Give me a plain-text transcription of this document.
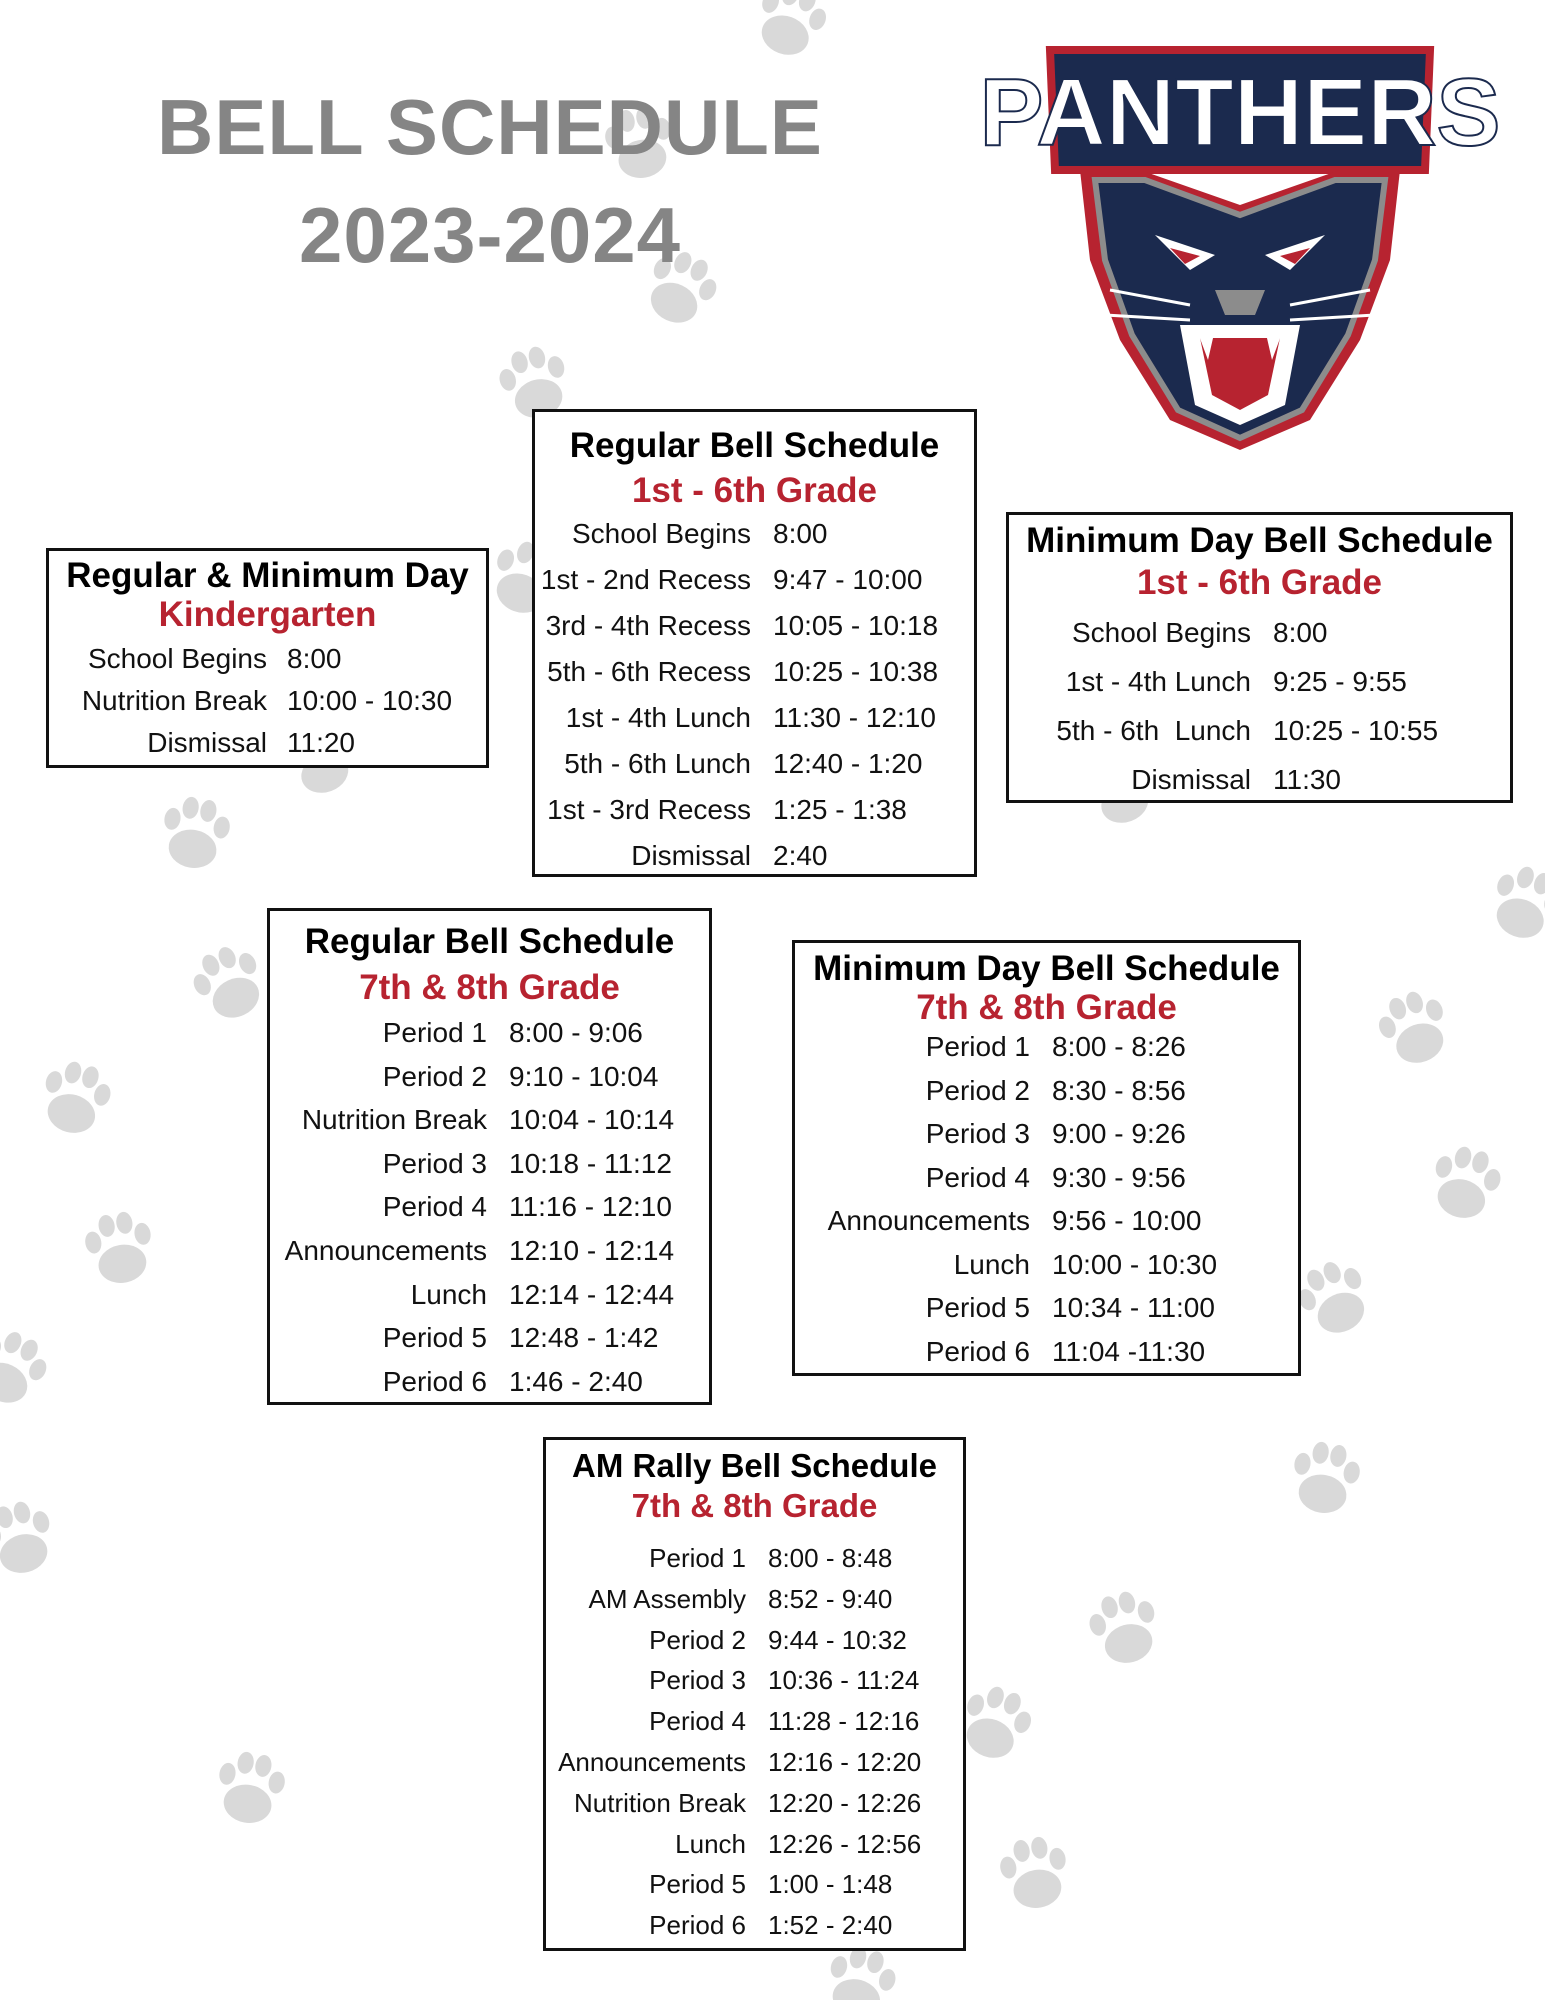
BELL SCHEDULE
2023-2024
PANTHERS
Regular & Minimum Day
Kindergarten
School Begins 8:00
Nutrition Break 10:00 - 10:30
Dismissal 11:20
Regular Bell Schedule
1st - 6th Grade
School Begins 8:00
1st - 2nd Recess 9:47 - 10:00
3rd - 4th Recess 10:05 - 10:18
5th - 6th Recess 10:25 - 10:38
1st - 4th Lunch 11:30 - 12:10
5th - 6th Lunch 12:40 - 1:20
1st - 3rd Recess 1:25 - 1:38
Dismissal 2:40
Minimum Day Bell Schedule
1st - 6th Grade
School Begins 8:00
1st - 4th Lunch 9:25 - 9:55
5th - 6th  Lunch 10:25 - 10:55
Dismissal 11:30
Regular Bell Schedule
7th & 8th Grade
Period 1 8:00 - 9:06
Period 2 9:10 - 10:04
Nutrition Break 10:04 - 10:14
Period 3 10:18 - 11:12
Period 4 11:16 - 12:10
Announcements 12:10 - 12:14
Lunch 12:14 - 12:44
Period 5 12:48 - 1:42
Period 6 1:46 - 2:40
Minimum Day Bell Schedule
7th & 8th Grade
Period 1 8:00 - 8:26
Period 2 8:30 - 8:56
Period 3 9:00 - 9:26
Period 4 9:30 - 9:56
Announcements 9:56 - 10:00
Lunch 10:00 - 10:30
Period 5 10:34 - 11:00
Period 6 11:04 -11:30
AM Rally Bell Schedule
7th & 8th Grade
Period 1 8:00 - 8:48
AM Assembly 8:52 - 9:40
Period 2 9:44 - 10:32
Period 3 10:36 - 11:24
Period 4 11:28 - 12:16
Announcements 12:16 - 12:20
Nutrition Break 12:20 - 12:26
Lunch 12:26 - 12:56
Period 5 1:00 - 1:48
Period 6 1:52 - 2:40
